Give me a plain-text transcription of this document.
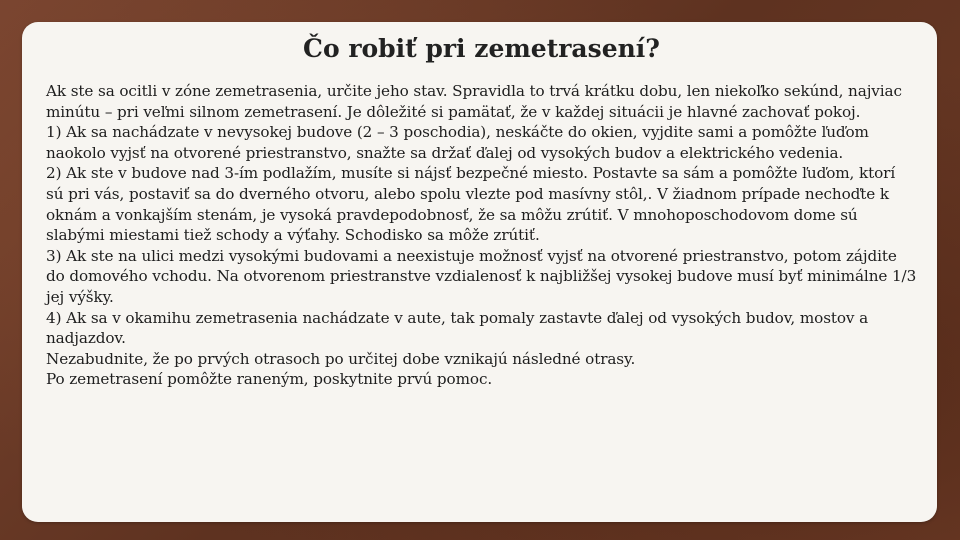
Čo robiť pri zemetrasení?

Ak ste sa ocitli v zóne zemetrasenia, určite jeho stav. Spravidla to trvá krátku dobu, len niekoľko sekúnd, najviac minútu – pri veľmi silnom zemetrasení. Je dôležité si pamätať, že v každej situácii je hlavné zachovať pokoj.

1) Ak sa nachádzate v nevysokej budove (2 – 3 poschodia), neskáčte do okien, vyjdite sami a pomôžte ľuďom naokolo vyjsť na otvorené priestranstvo, snažte sa držať ďalej od vysokých budov a elektrického vedenia.

2) Ak ste v budove nad 3-ím podlažím, musíte si nájsť bezpečné miesto. Postavte sa sám a pomôžte ľuďom, ktorí sú pri vás, postaviť sa do dverného otvoru, alebo spolu vlezte pod masívny stôl,. V žiadnom prípade nechoďte k oknám a vonkajším stenám, je vysoká pravdepodobnosť, že sa môžu zrútiť. V mnohoposchodovom dome sú slabými miestami tiež schody a výťahy. Schodisko sa môže zrútiť.

3) Ak ste na ulici medzi vysokými budovami a neexistuje možnosť vyjsť na otvorené priestranstvo, potom zájdite do domového vchodu. Na otvorenom priestranstve vzdialenosť k najbližšej vysokej budove musí byť minimálne 1/3 jej výšky.

4) Ak sa v okamihu zemetrasenia nachádzate v aute, tak pomaly zastavte ďalej od vysokých budov, mostov a nadjazdov.

Nezabudnite, že po prvých otrasoch po určitej dobe vznikajú následné otrasy.

Po zemetrasení pomôžte raneným, poskytnite prvú pomoc.
